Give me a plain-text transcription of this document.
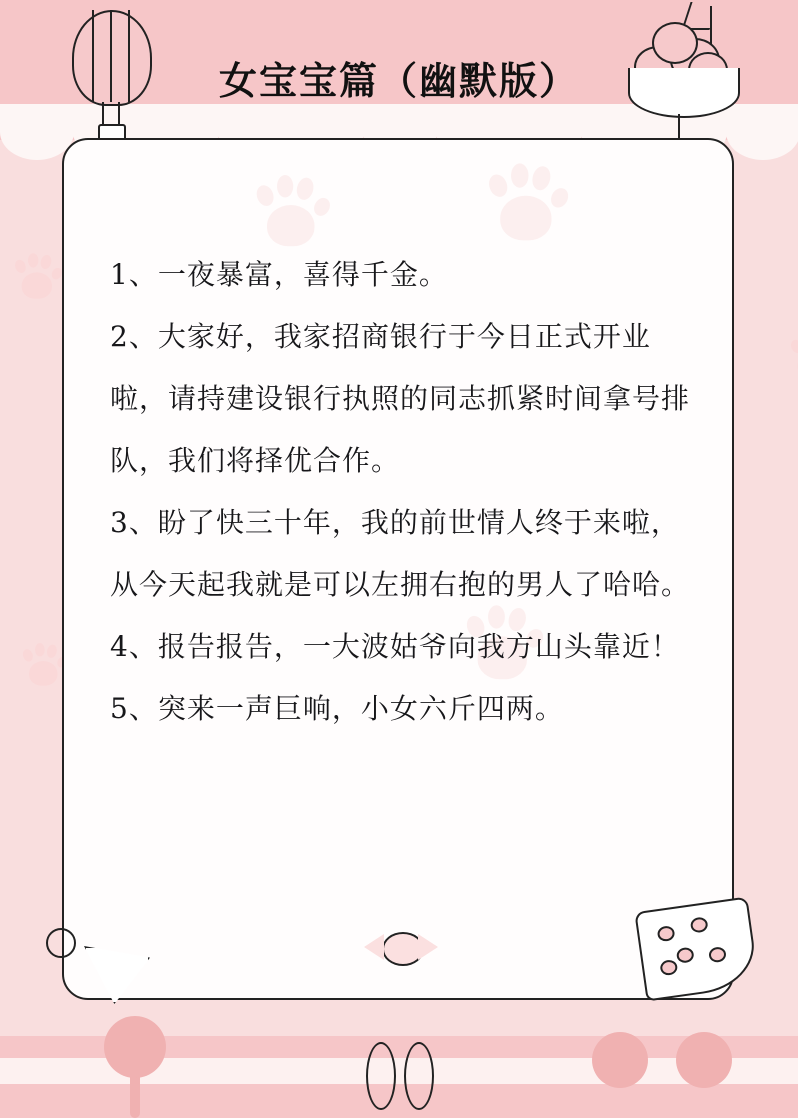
女宝宝篇（幽默版）
1、一夜暴富，喜得千金。
2、大家好，我家招商银行于今日正式开业啦，请持建设银行执照的同志抓紧时间拿号排队，我们将择优合作。
3、盼了快三十年，我的前世情人终于来啦，从今天起我就是可以左拥右抱的男人了哈哈。
4、报告报告，一大波姑爷向我方山头靠近！
5、突来一声巨响，小女六斤四两。
